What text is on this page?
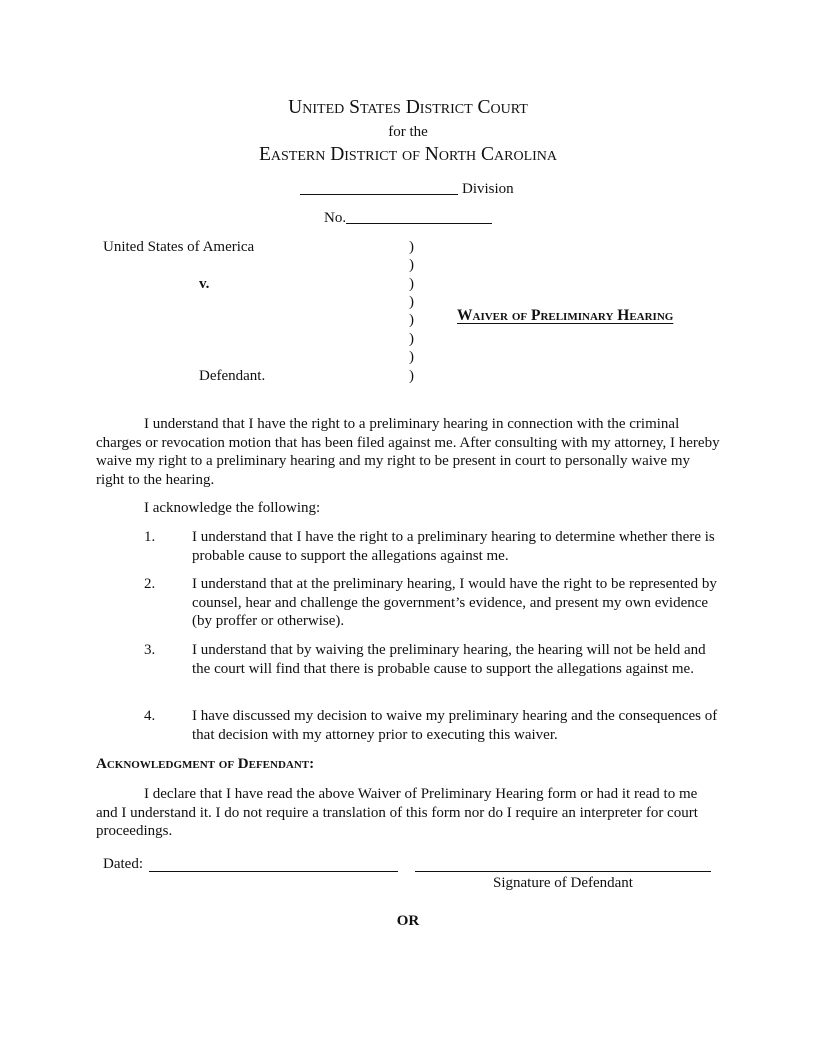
United States District Court
for the
Eastern District of North Carolina
Division
No.
United States of America
v.
Defendant.
)
)
)
)
)
)
)
)
Waiver of Preliminary Hearing
I understand that I have the right to a preliminary hearing in connection with the criminal charges or revocation motion that has been filed against me. After consulting with my attorney, I hereby waive my right to a preliminary hearing and my right to be present in court to personally waive my right to the hearing.
I acknowledge the following:
1. I understand that I have the right to a preliminary hearing to determine whether there is probable cause to support the allegations against me.
2. I understand that at the preliminary hearing, I would have the right to be represented by counsel, hear and challenge the government’s evidence, and present my own evidence (by proffer or otherwise).
3. I understand that by waiving the preliminary hearing, the hearing will not be held and the court will find that there is probable cause to support the allegations against me.
4. I have discussed my decision to waive my preliminary hearing and the consequences of that decision with my attorney prior to executing this waiver.
Acknowledgment of Defendant:
I declare that I have read the above Waiver of Preliminary Hearing form or had it read to me and I understand it. I do not require a translation of this form nor do I require an interpreter for court proceedings.
Dated:
Signature of Defendant
OR
